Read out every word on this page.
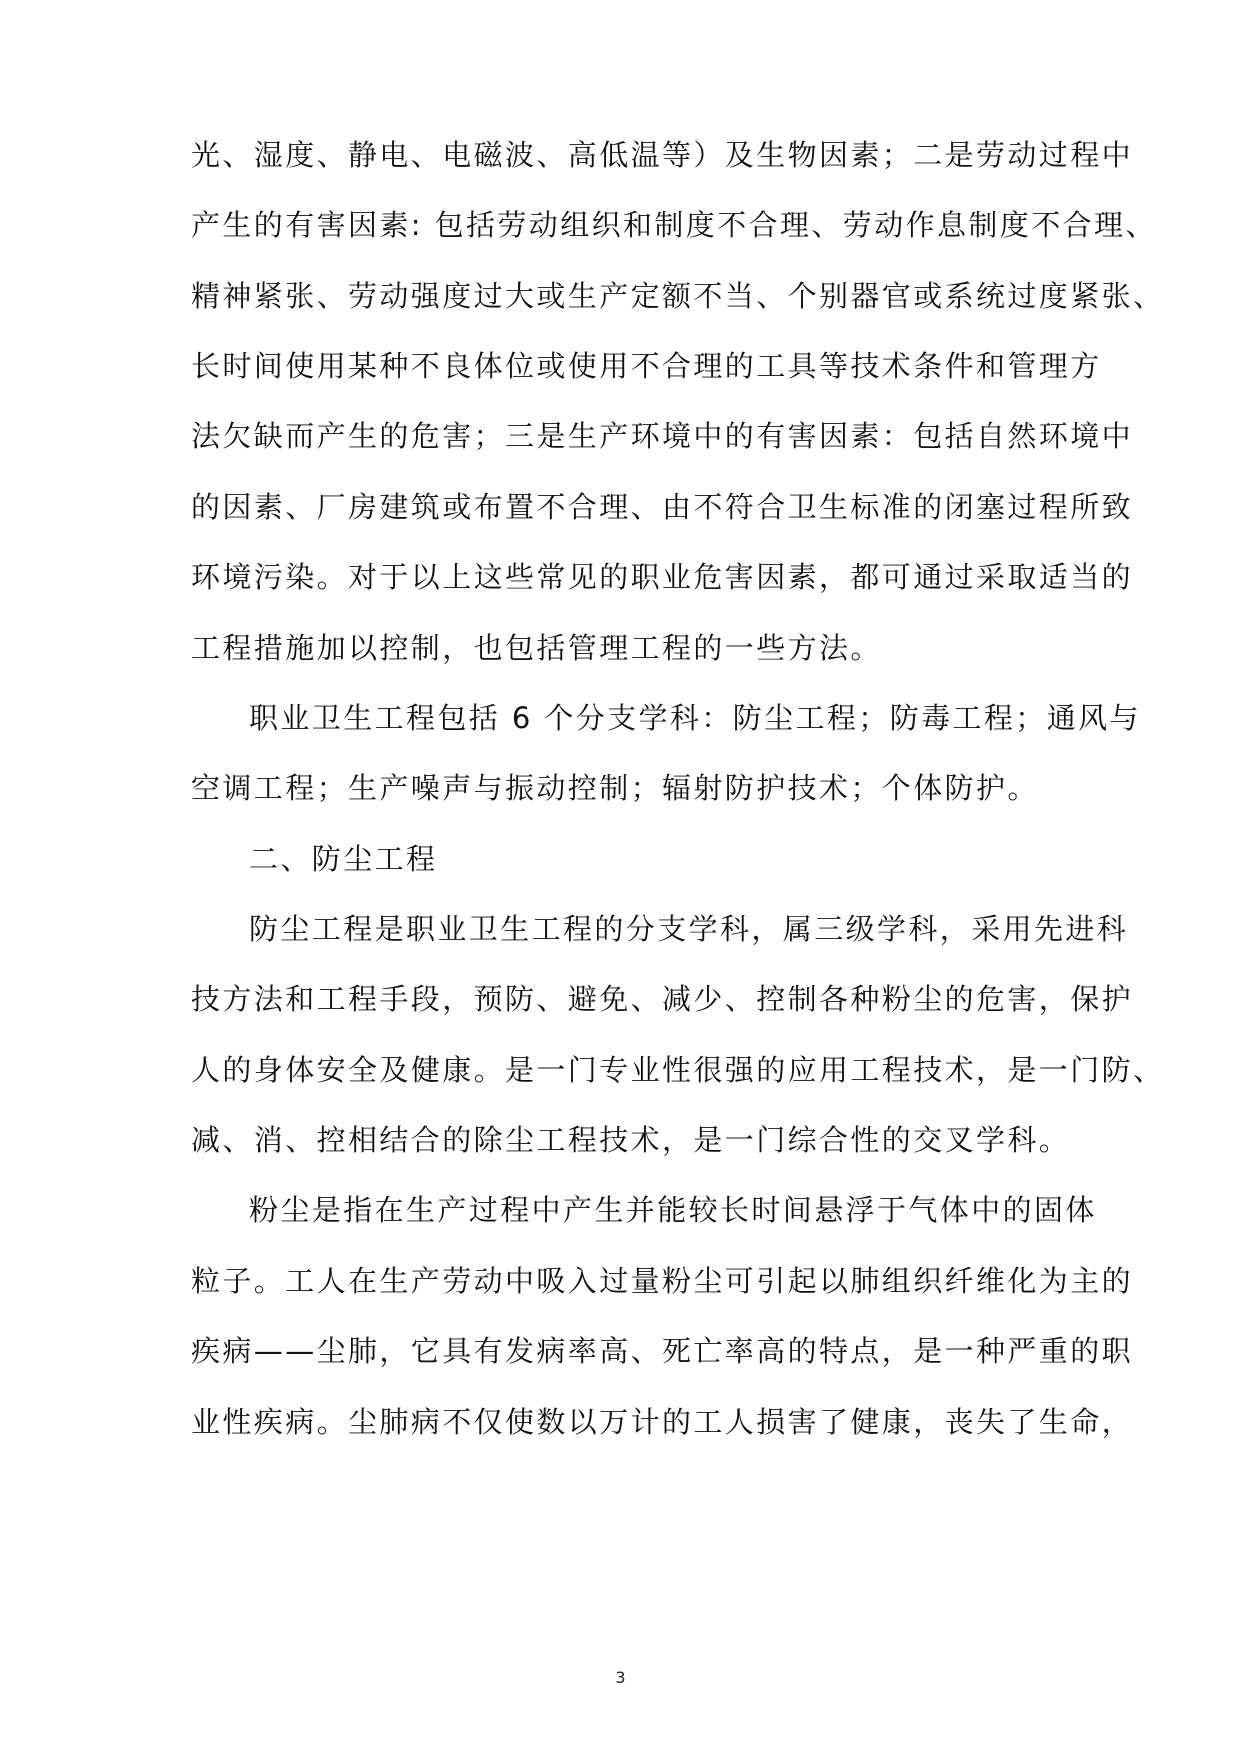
光、湿度、静电、电磁波、高低温等）及生物因素；二是劳动过程中
产生的有害因素: 包括劳动组织和制度不合理、劳动作息制度不合理、
精神紧张、劳动强度过大或生产定额不当、个别器官或系统过度紧张、
长时间使用某种不良体位或使用不合理的工具等技术条件和管理方
法欠缺而产生的危害；三是生产环境中的有害因素：包括自然环境中
的因素、厂房建筑或布置不合理、由不符合卫生标准的闭塞过程所致
环境污染。对于以上这些常见的职业危害因素，都可通过采取适当的
工程措施加以控制，也包括管理工程的一些方法。
职业卫生工程包括 6 个分支学科：防尘工程；防毒工程；通风与
空调工程；生产噪声与振动控制；辐射防护技术；个体防护。
二、防尘工程
防尘工程是职业卫生工程的分支学科，属三级学科，采用先进科
技方法和工程手段，预防、避免、减少、控制各种粉尘的危害，保护
人的身体安全及健康。是一门专业性很强的应用工程技术，是一门防、
减、消、控相结合的除尘工程技术，是一门综合性的交叉学科。
粉尘是指在生产过程中产生并能较长时间悬浮于气体中的固体
粒子。工人在生产劳动中吸入过量粉尘可引起以肺组织纤维化为主的
疾病——尘肺，它具有发病率高、死亡率高的特点，是一种严重的职
业性疾病。尘肺病不仅使数以万计的工人损害了健康，丧失了生命，
3
